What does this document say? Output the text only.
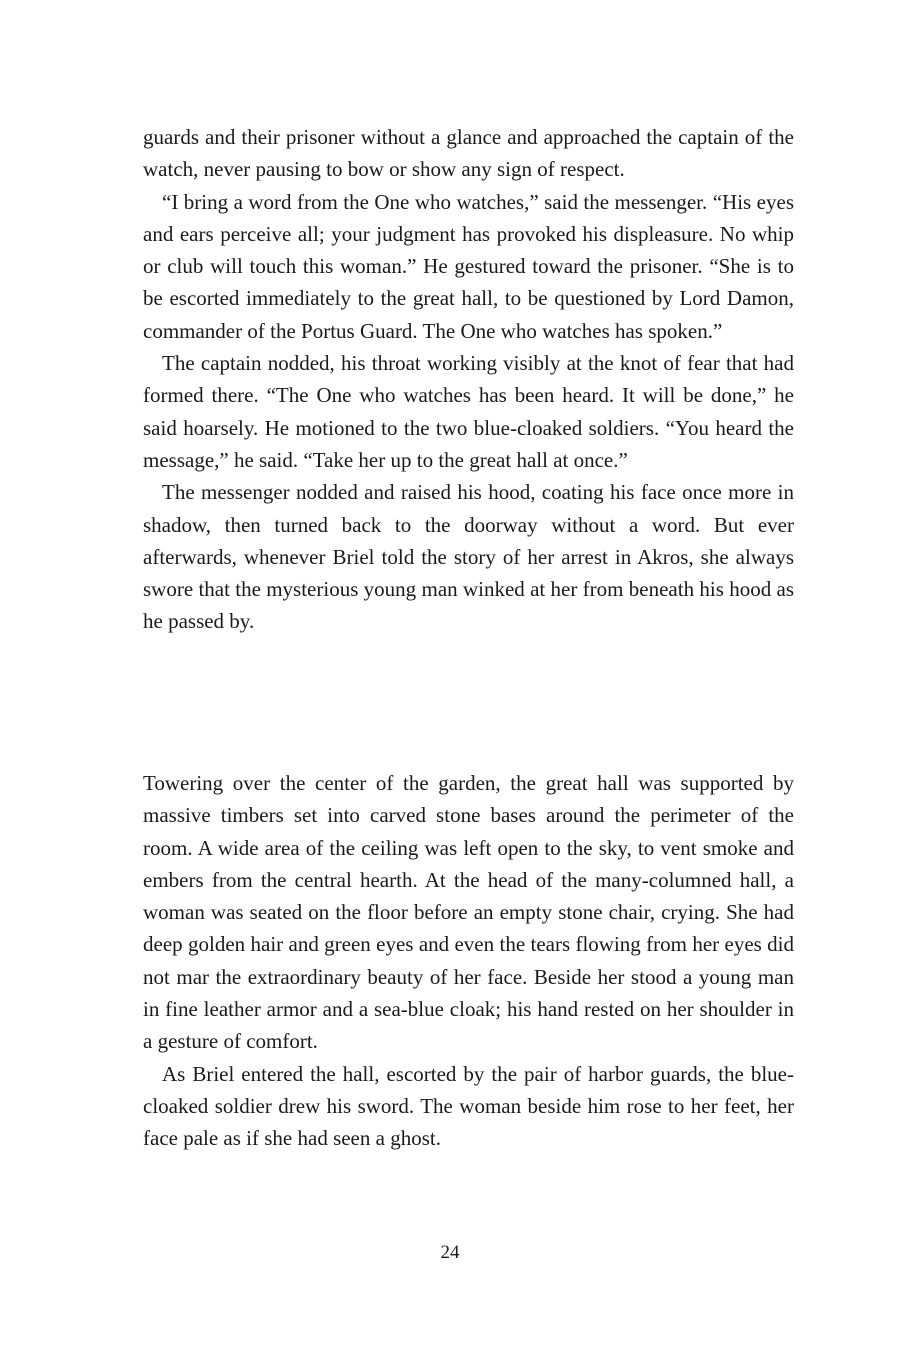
guards and their prisoner without a glance and approached the captain of the watch, never pausing to bow or show any sign of respect.

“I bring a word from the One who watches,” said the messenger. “His eyes and ears perceive all; your judgment has provoked his displeasure. No whip or club will touch this woman.” He gestured toward the prisoner. “She is to be escorted immediately to the great hall, to be questioned by Lord Damon, commander of the Portus Guard. The One who watches has spoken.”

The captain nodded, his throat working visibly at the knot of fear that had formed there. “The One who watches has been heard. It will be done,” he said hoarsely. He motioned to the two blue-cloaked soldiers. “You heard the message,” he said. “Take her up to the great hall at once.”

The messenger nodded and raised his hood, coating his face once more in shadow, then turned back to the doorway without a word. But ever afterwards, whenever Briel told the story of her arrest in Akros, she always swore that the mysterious young man winked at her from beneath his hood as he passed by.

Towering over the center of the garden, the great hall was supported by massive timbers set into carved stone bases around the perimeter of the room. A wide area of the ceiling was left open to the sky, to vent smoke and embers from the central hearth. At the head of the many-columned hall, a woman was seated on the floor before an empty stone chair, crying. She had deep golden hair and green eyes and even the tears flowing from her eyes did not mar the extraordinary beauty of her face. Beside her stood a young man in fine leather armor and a sea-blue cloak; his hand rested on her shoulder in a gesture of comfort.

As Briel entered the hall, escorted by the pair of harbor guards, the blue-cloaked soldier drew his sword. The woman beside him rose to her feet, her face pale as if she had seen a ghost.

24
